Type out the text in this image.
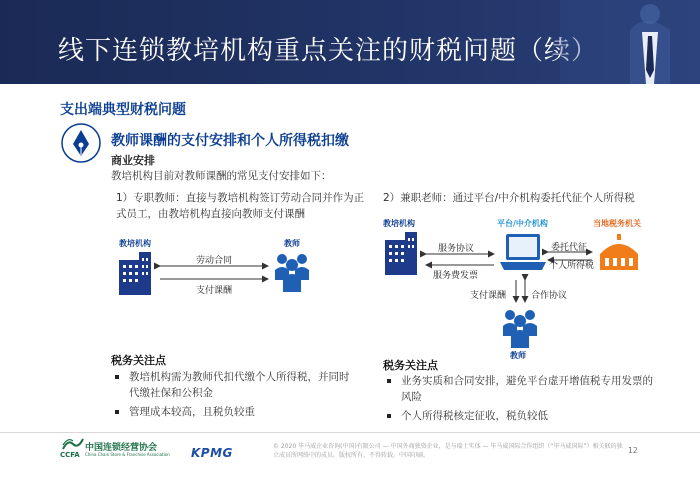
线下连锁教培机构重点关注的财税问题（续）
支出端典型财税问题
教师课酬的支付安排和个人所得税扣缴
商业安排
教培机构目前对教师课酬的常见支付安排如下：
1）专职教师：直接与教培机构签订劳动合同并作为正式员工，由教培机构直接向教师支付课酬
2）兼职老师：通过平台/中介机构委托代征个人所得税
教培机构	教师
劳动合同
支付课酬
教培机构	平台/中介机构	当地税务机关
教师
服务协议
服务费发票
委托代征
个人所得税
支付课酬	合作协议
税务关注点
教培机构需为教师代扣代缴个人所得税，并同时代缴社保和公积金
管理成本较高，且税负较重
税务关注点
业务实质和合同安排，避免平台虚开增值税专用发票的风险
个人所得税核定征收，税负较低
CCFA
中国连锁经营协会
China Chain Store & Franchise Association KPMG	© 2020 毕马威企业咨询(中国)有限公司 — 中国外商独资企业，是与瑞士实体 — 毕马威国际合作组织（“毕马威国际”）相关联的独立成员所网络中的成员。版权所有，不得转载。中国印刷。
12
